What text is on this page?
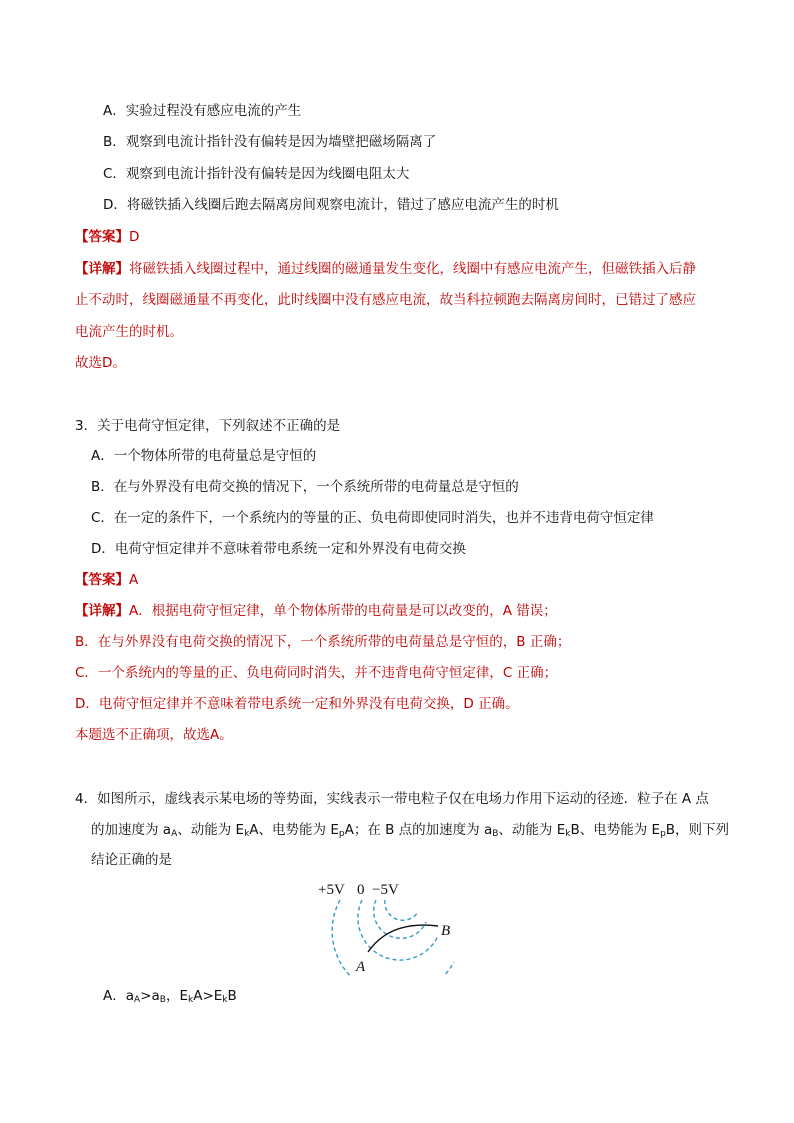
A．实验过程没有感应电流的产生
B．观察到电流计指针没有偏转是因为墙壁把磁场隔离了
C．观察到电流计指针没有偏转是因为线圈电阻太大
D．将磁铁插入线圈后跑去隔离房间观察电流计，错过了感应电流产生的时机
【答案】D
【详解】将磁铁插入线圈过程中，通过线圈的磁通量发生变化，线圈中有感应电流产生，但磁铁插入后静
止不动时，线圈磁通量不再变化，此时线圈中没有感应电流，故当科拉顿跑去隔离房间时，已错过了感应
电流产生的时机。
故选D。
3．关于电荷守恒定律，下列叙述不正确的是
A．一个物体所带的电荷量总是守恒的
B．在与外界没有电荷交换的情况下，一个系统所带的电荷量总是守恒的
C．在一定的条件下，一个系统内的等量的正、负电荷即使同时消失，也并不违背电荷守恒定律
D．电荷守恒定律并不意味着带电系统一定和外界没有电荷交换
【答案】A
【详解】A．根据电荷守恒定律，单个物体所带的电荷量是可以改变的，A 错误；
B．在与外界没有电荷交换的情况下，一个系统所带的电荷量总是守恒的，B 正确；
C．一个系统内的等量的正、负电荷同时消失，并不违背电荷守恒定律，C 正确；
D．电荷守恒定律并不意味着带电系统一定和外界没有电荷交换，D 正确。
本题选不正确项，故选A。
4．如图所示，虚线表示某电场的等势面，实线表示一带电粒子仅在电场力作用下运动的径迹．粒子在 A 点
的加速度为 $a_A$、动能为 $E_kA$、电势能为 $E_pA$；在 B 点的加速度为 $a_B$、动能为 $E_kB$、电势能为 $E_pB$，则下列
结论正确的是
+5V 0 −5V
A
B
A．$a_A>a_B$，$E_kA>E_kB$
